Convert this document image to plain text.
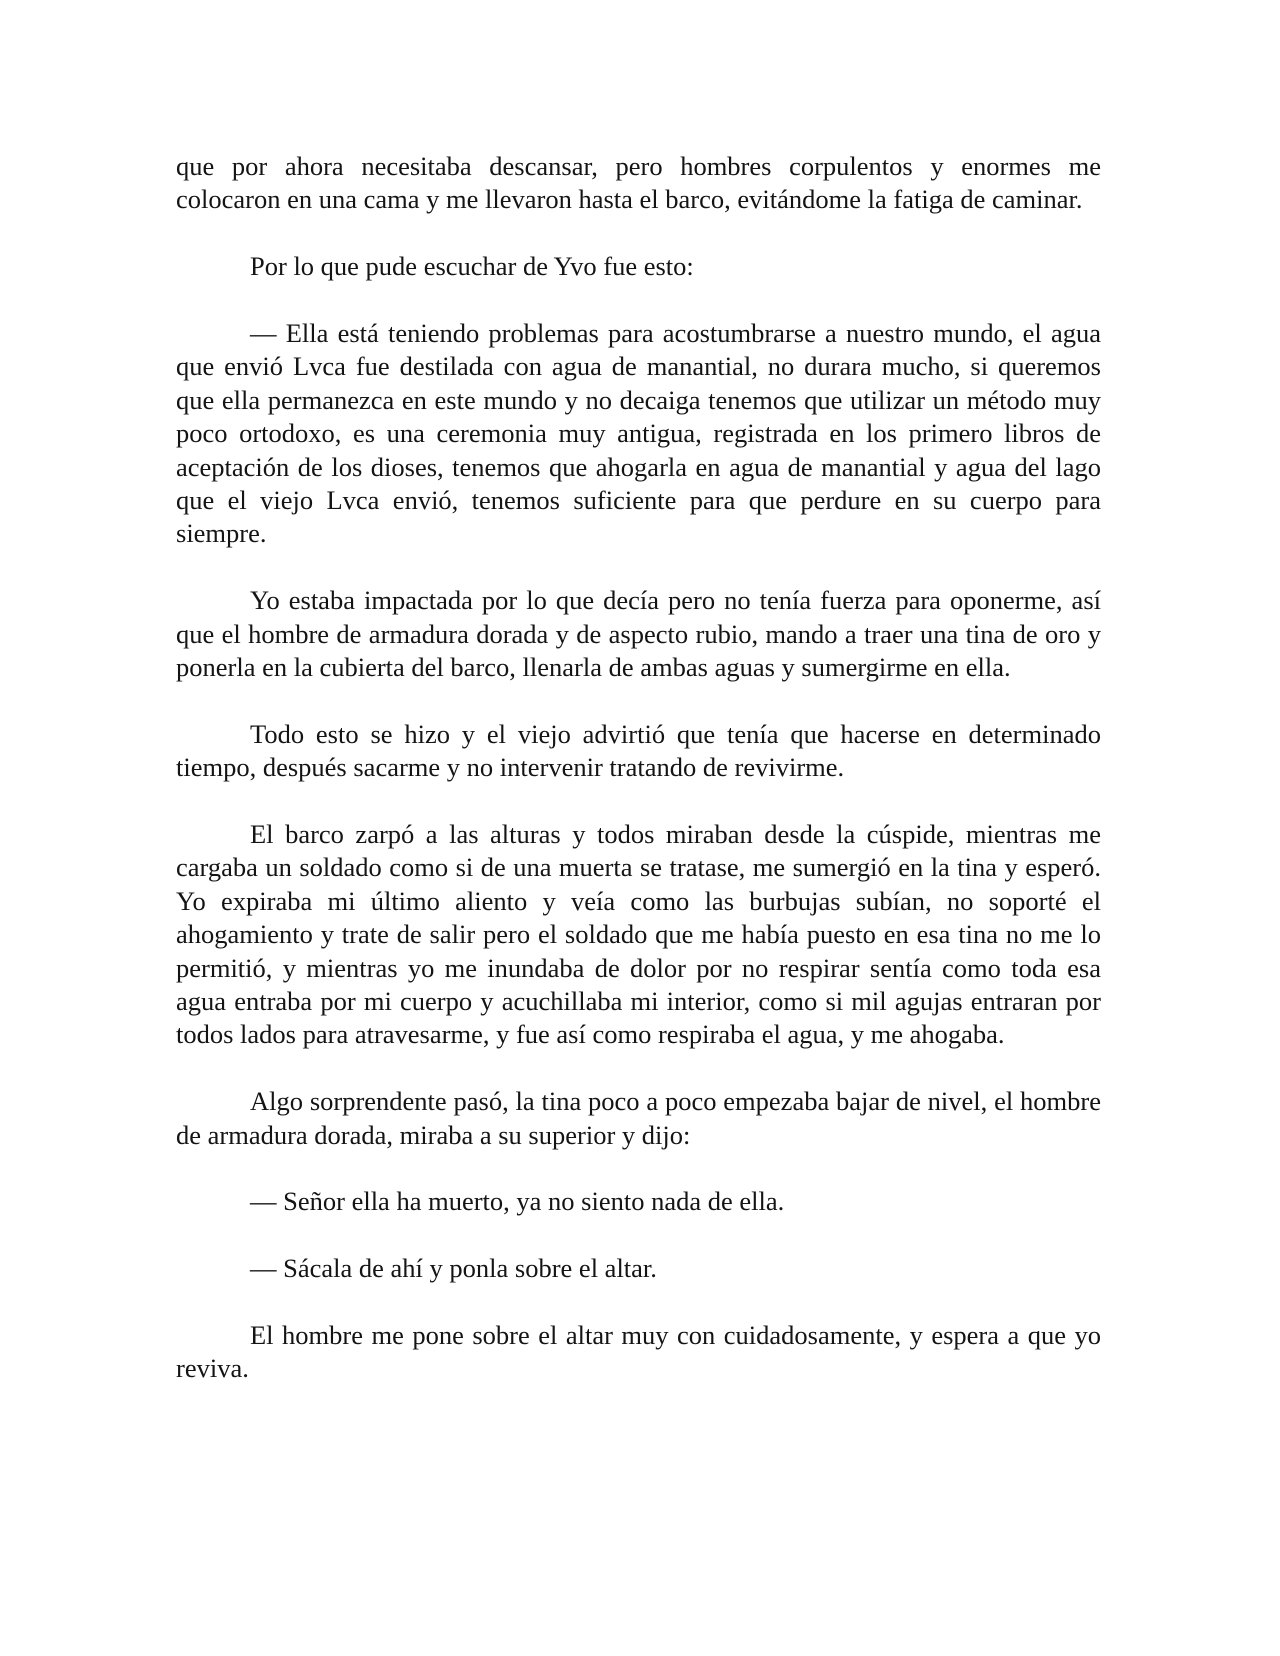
que por ahora necesitaba descansar, pero hombres corpulentos y enormes me colocaron en una cama y me llevaron hasta el barco, evitándome la fatiga de caminar.

Por lo que pude escuchar de Yvo fue esto:

— Ella está teniendo problemas para acostumbrarse a nuestro mundo, el agua que envió Lvca fue destilada con agua de manantial, no durara mucho, si queremos que ella permanezca en este mundo y no decaiga tenemos que utilizar un método muy poco ortodoxo, es una ceremonia muy antigua, registrada en los primero libros de aceptación de los dioses, tenemos que ahogarla en agua de manantial y agua del lago que el viejo Lvca envió, tenemos suficiente para que perdure en su cuerpo para siempre.

Yo estaba impactada por lo que decía pero no tenía fuerza para oponerme, así que el hombre de armadura dorada y de aspecto rubio, mando a traer una tina de oro y ponerla en la cubierta del barco, llenarla de ambas aguas y sumergirme en ella.

Todo esto se hizo y el viejo advirtió que tenía que hacerse en determinado tiempo, después sacarme y no intervenir tratando de revivirme.

El barco zarpó a las alturas y todos miraban desde la cúspide, mientras me cargaba un soldado como si de una muerta se tratase, me sumergió en la tina y esperó. Yo expiraba mi último aliento y veía como las burbujas subían, no soporté el ahogamiento y trate de salir pero el soldado que me había puesto en esa tina no me lo permitió, y mientras yo me inundaba de dolor por no respirar sentía como toda esa agua entraba por mi cuerpo y acuchillaba mi interior, como si mil agujas entraran por todos lados para atravesarme, y fue así como respiraba el agua, y me ahogaba.

Algo sorprendente pasó, la tina poco a poco empezaba bajar de nivel, el hombre de armadura dorada, miraba a su superior y dijo:

— Señor ella ha muerto, ya no siento nada de ella.

— Sácala de ahí y ponla sobre el altar.

El hombre me pone sobre el altar muy con cuidadosamente, y espera a que yo reviva.
